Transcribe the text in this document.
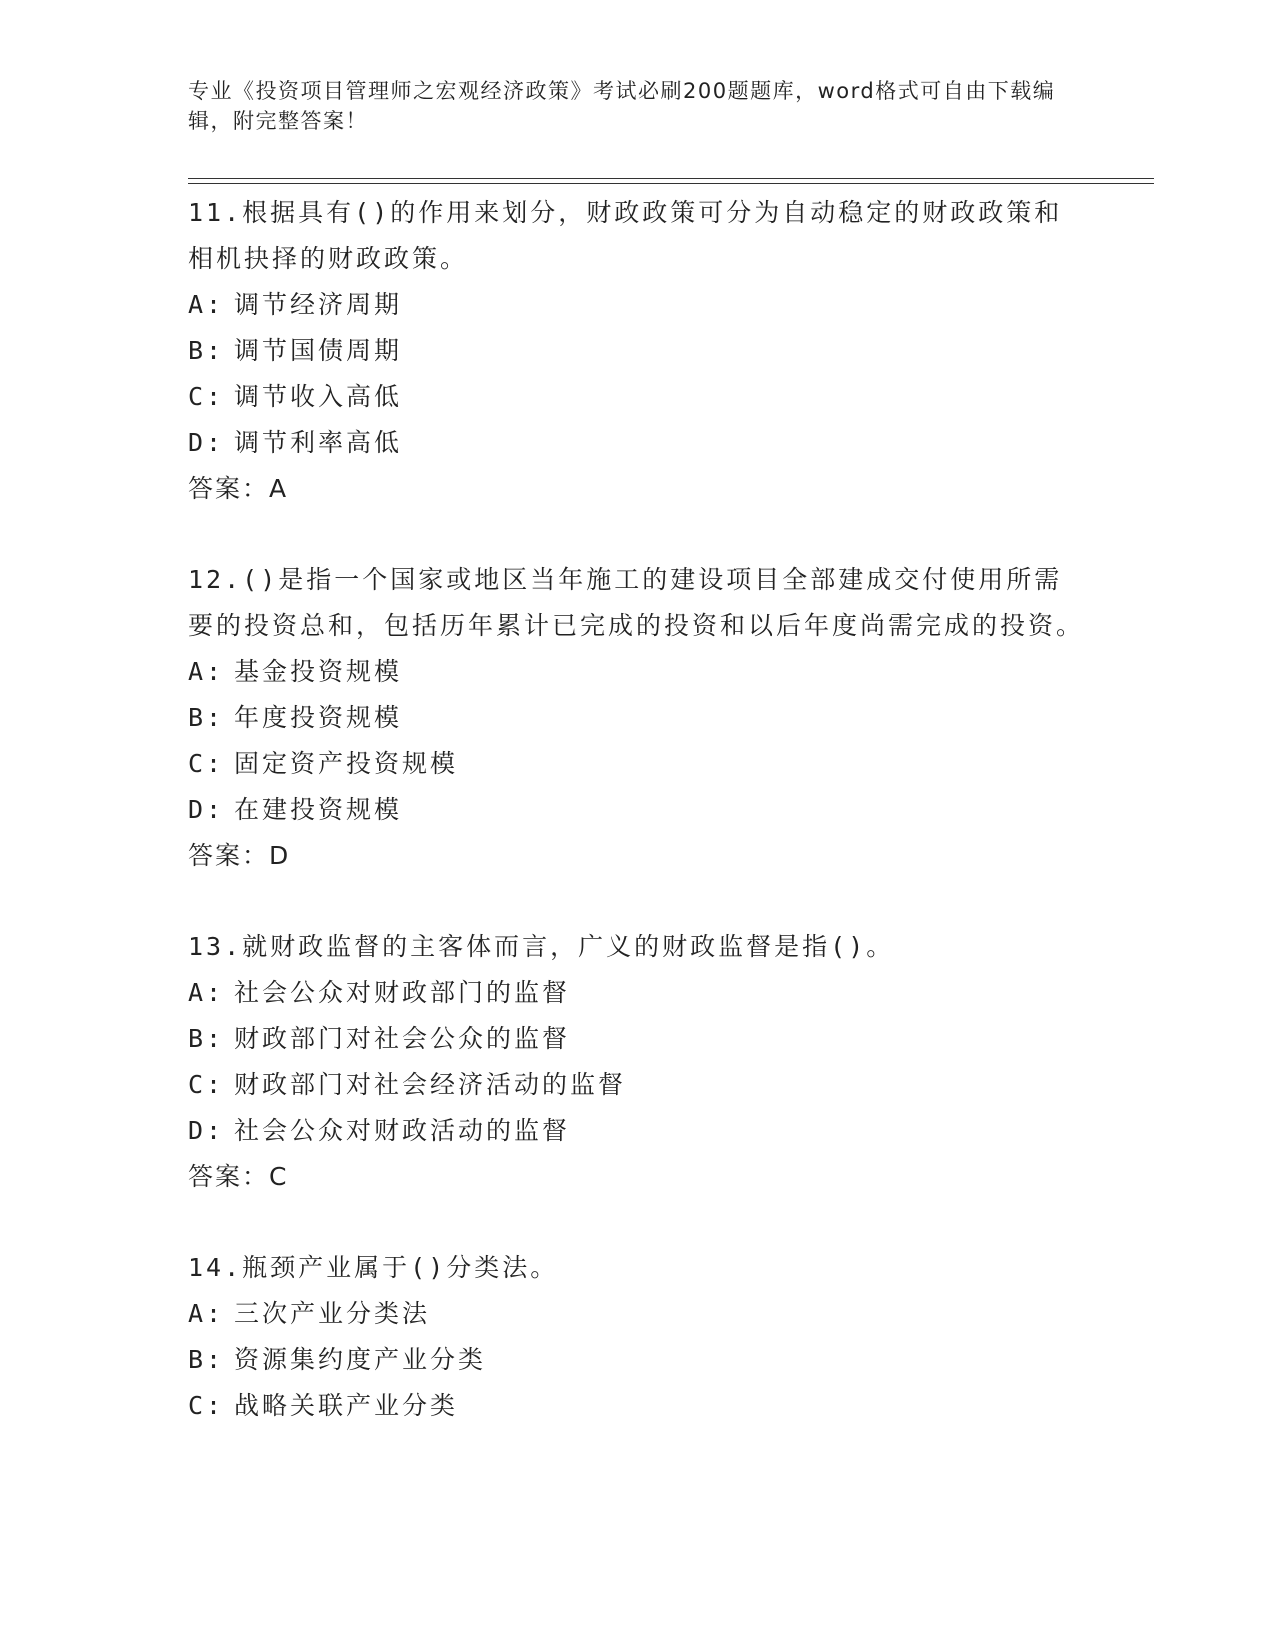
专业《投资项目管理师之宏观经济政策》考试必刷200题题库，word格式可自由下载编辑，附完整答案！

11.根据具有()的作用来划分，财政政策可分为自动稳定的财政政策和相机抉择的财政政策。

A: 调节经济周期

B: 调节国债周期

C: 调节收入高低

D: 调节利率高低

答案：A

12.()是指一个国家或地区当年施工的建设项目全部建成交付使用所需要的投资总和，包括历年累计已完成的投资和以后年度尚需完成的投资。

A: 基金投资规模

B: 年度投资规模

C: 固定资产投资规模

D: 在建投资规模

答案：D

13.就财政监督的主客体而言，广义的财政监督是指()。

A: 社会公众对财政部门的监督

B: 财政部门对社会公众的监督

C: 财政部门对社会经济活动的监督

D: 社会公众对财政活动的监督

答案：C

14.瓶颈产业属于()分类法。

A: 三次产业分类法

B: 资源集约度产业分类

C: 战略关联产业分类
